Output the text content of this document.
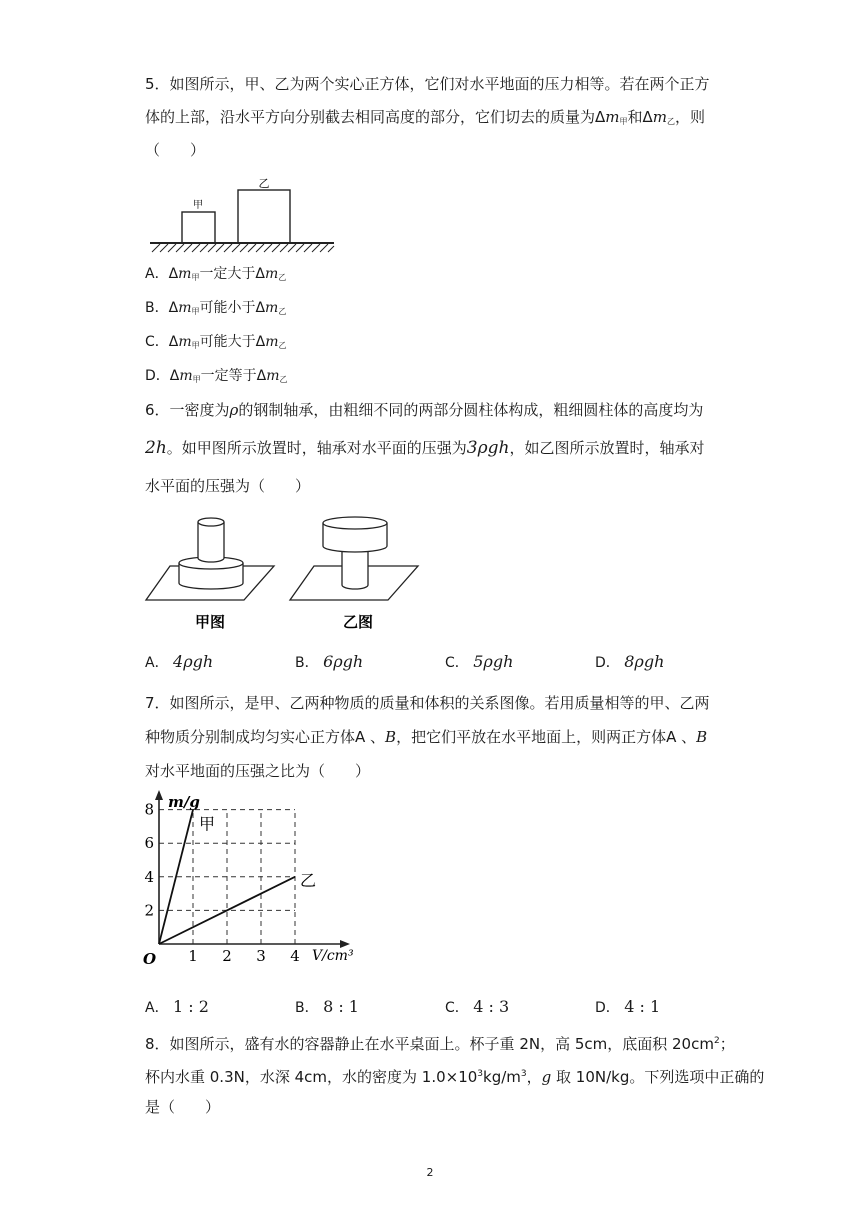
5．如图所示，甲、乙为两个实心正方体，它们对水平地面的压力相等。若在两个正方
体的上部，沿水平方向分别截去相同高度的部分，它们切去的质量为$\Delta m_甲$和$\Delta m_乙$，则
（　　）
甲
乙
A．$\Delta m_甲$一定大于$\Delta m_乙$
B．$\Delta m_甲$可能小于$\Delta m_乙$
C．$\Delta m_甲$可能大于$\Delta m_乙$
D．$\Delta m_甲$一定等于$\Delta m_乙$
6．一密度为ρ的钢制轴承，由粗细不同的两部分圆柱体构成，粗细圆柱体的高度均为
2h。如甲图所示放置时，轴承对水平面的压强为3ρgh，如乙图所示放置时，轴承对
水平面的压强为（　　）
甲图	乙图
A． 4ρgh	B． 6ρgh	C． 5ρgh	D． 8ρgh
7．如图所示，是甲、乙两种物质的质量和体积的关系图像。若用质量相等的甲、乙两
种物质分别制成均匀实心正方体A 、B，把它们平放在水平地面上，则两正方体A 、B
对水平地面的压强之比为（　　）
m/g
V/cm³
O 1 2 3 4
2
4
6
8
甲
乙
A． 1 : 2	B． 8 : 1	C． 4 : 3	D． 4 : 1
8．如图所示，盛有水的容器静止在水平桌面上。杯子重 2N，高 5cm，底面积 $20cm^2$；
杯内水重 0.3N，水深 4cm，水的密度为 $1.0\times 10^3kg/m^3$，g 取 10N/kg。下列选项中正确的
是（　　）
2
